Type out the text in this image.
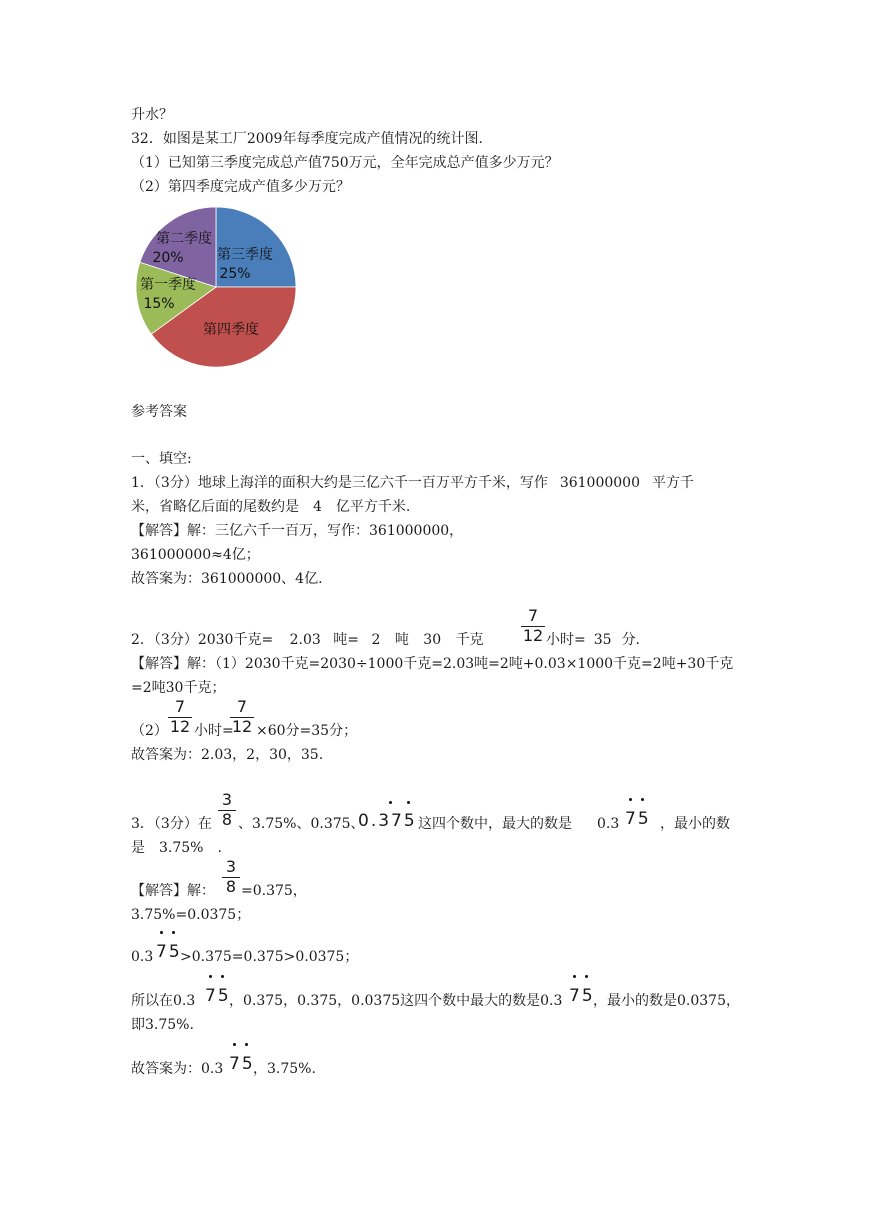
升水？
32．如图是某工厂2009年每季度完成产值情况的统计图.
（1）已知第三季度完成总产值750万元，全年完成总产值多少万元？
（2）第四季度完成产值多少万元？
第三季度
25%
第四季度
第一季度
15%
第二季度
20%
参考答案
一、填空:
1．（3分）地球上海洋的面积大约是三亿六千一百万平方千米，写作 361000000 平方千
米，省略亿后面的尾数约是 4 亿平方千米.
【解答】解：三亿六千一百万，写作：361000000，
361000000≈4亿；
故答案为：361000000、4亿.
2．（3分）2030千克= 2.03 吨= 2 吨 30 千克
7
12 小时= 35 分.
【解答】解：（1）2030千克=2030÷1000千克=2.03吨=2吨+0.03×1000千克=2吨+30千克
=2吨30千克；
（2）
7
12 小时=
7
12 ×60分=35分；
故答案为：2.03，2，30，35.
3．（3分）在
3
8 、3.75%、0.375、
0.375 这四个数中，最大的数是 0.3 75 ，最小的数
是 3.75% .
【解答】解：
3
8 =0.375，
3.75%=0.0375；
0.3 75
>0.375=0.375>0.0375；
所以在0.3 75
，0.375，0.375，0.0375这四个数中最大的数是0.3 75
，最小的数是0.0375，
即3.75%.
故答案为：0.3 75
，3.75%.
